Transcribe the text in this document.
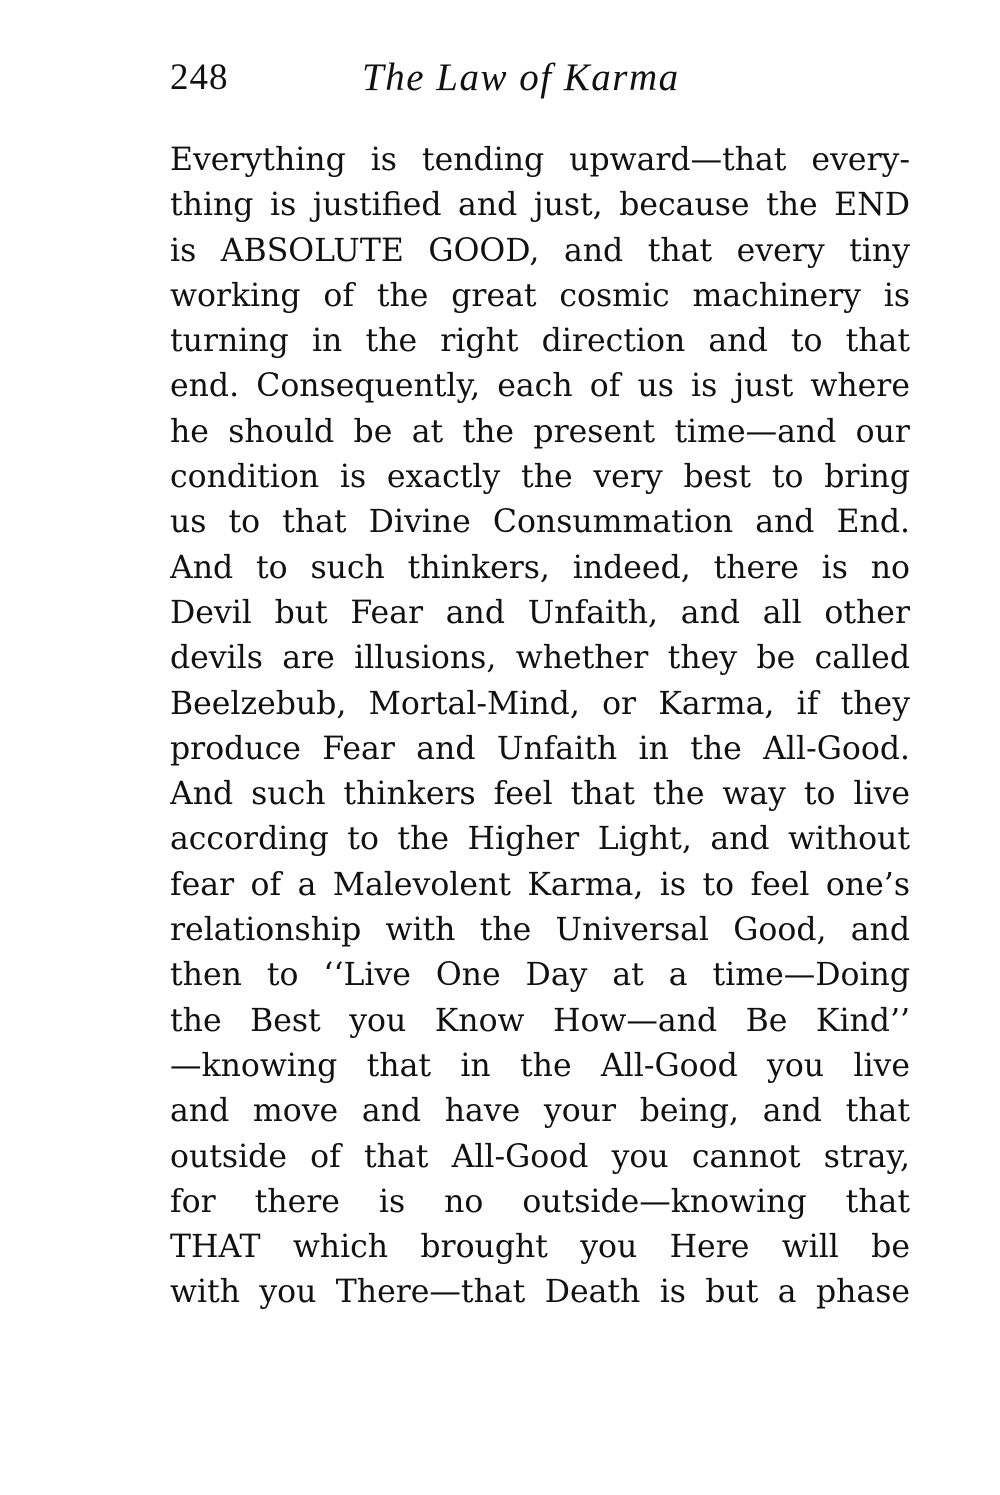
248	The Law of Karma
Everything is tending upward—that every-
thing is justified and just, because the END
is ABSOLUTE GOOD, and that every tiny
working of the great cosmic machinery is
turning in the right direction and to that
end. Consequently, each of us is just where
he should be at the present time—and our
condition is exactly the very best to bring
us to that Divine Consummation and End.
And to such thinkers, indeed, there is no
Devil but Fear and Unfaith, and all other
devils are illusions, whether they be called
Beelzebub, Mortal-Mind, or Karma, if they
produce Fear and Unfaith in the All-Good.
And such thinkers feel that the way to live
according to the Higher Light, and without
fear of a Malevolent Karma, is to feel one’s
relationship with the Universal Good, and
then to ‘‘Live One Day at a time—Doing
the Best you Know How—and Be Kind’’
—knowing that in the All-Good you live
and move and have your being, and that
outside of that All-Good you cannot stray,
for there is no outside—knowing that
THAT which brought you Here will be
with you There—that Death is but a phase
